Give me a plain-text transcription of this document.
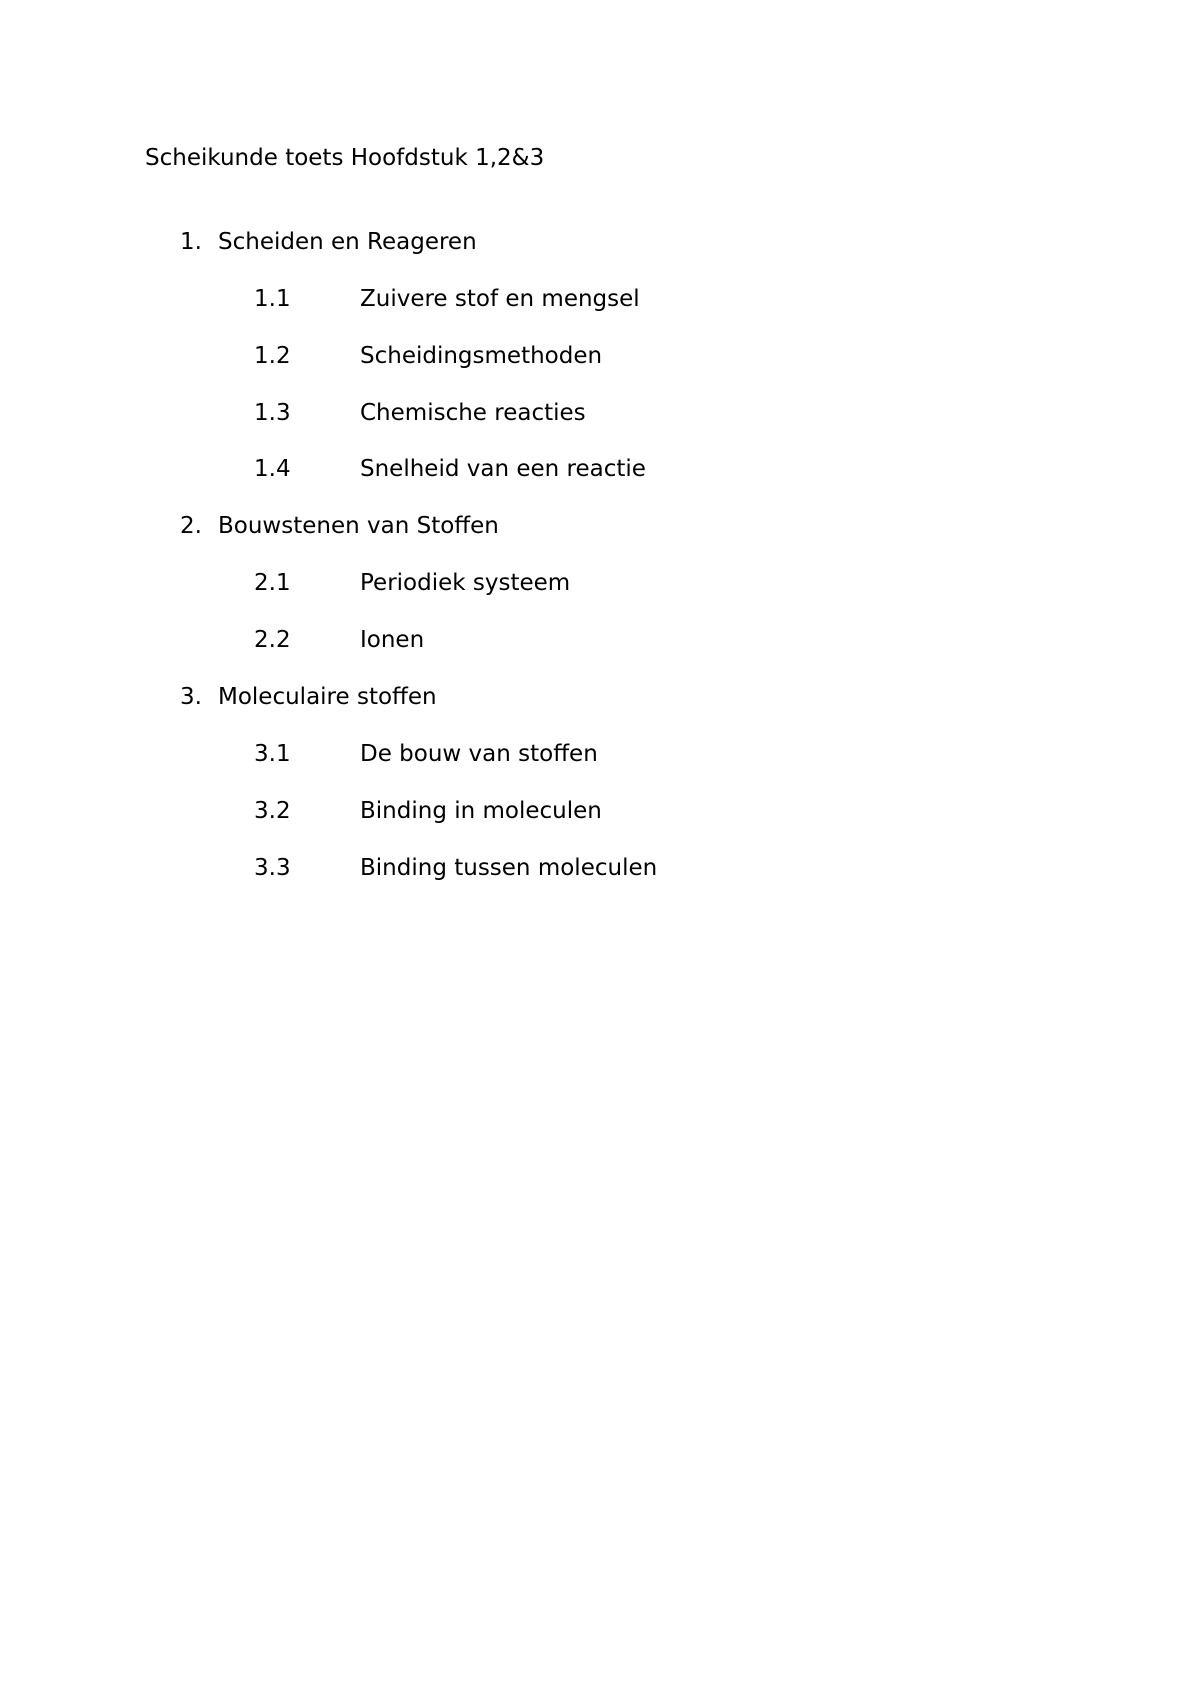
Scheikunde toets Hoofdstuk 1,2&3
1. Scheiden en Reageren
1.1	Zuivere stof en mengsel
1.2	Scheidingsmethoden
1.3	Chemische reacties
1.4	Snelheid van een reactie
2. Bouwstenen van Stoffen
2.1	Periodiek systeem
2.2	Ionen
3. Moleculaire stoffen
3.1	De bouw van stoffen
3.2	Binding in moleculen
3.3	Binding tussen moleculen
